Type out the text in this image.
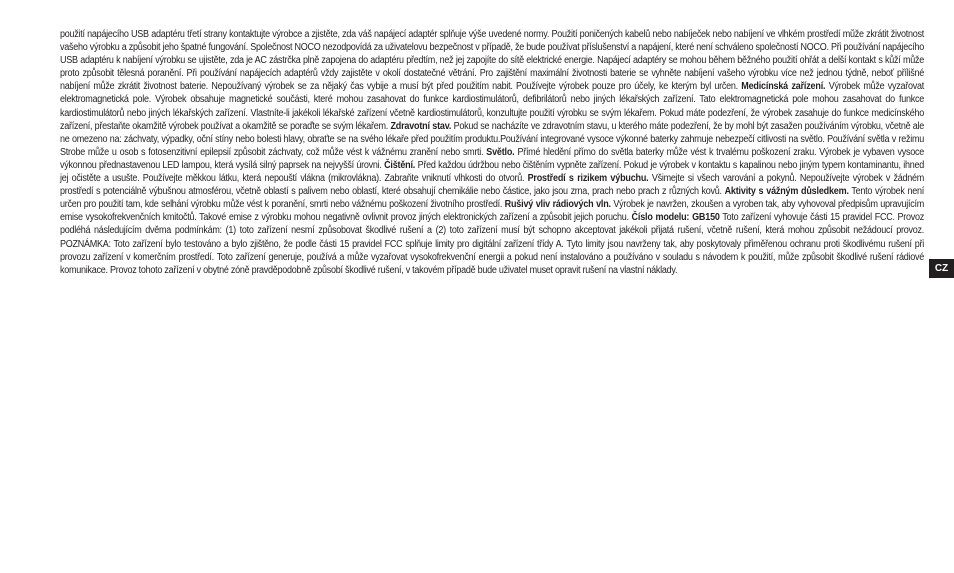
použití napájecího USB adaptéru třetí strany kontaktujte výrobce a zjistěte, zda váš napájecí adaptér splňuje výše uvedené normy. Použití poničených kabelů nebo nabíječek nebo nabíjení ve vlhkém prostředí může zkrátit životnost vašeho výrobku a způsobit jeho špatné fungování. Společnost NOCO nezodpovídá za uživatelovu bezpečnost v případě, že bude používat příslušenství a napájení, které není schváleno společností NOCO. Při používání napájecího USB adaptéru k nabíjení výrobku se ujistěte, zda je AC zástrčka plně zapojena do adaptéru předtím, než jej zapojíte do sítě elektrické energie. Napájecí adaptéry se mohou během běžného použití ohřát a delší kontakt s kůží může proto způsobit tělesná poranění. Při používání napájecích adaptérů vždy zajistěte v okolí dostatečné větrání. Pro zajištění maximální životnosti baterie se vyhněte nabíjení vašeho výrobku více než jednou týdně, neboť přílišné nabíjení může zkrátit životnost baterie. Nepoužívaný výrobek se za nějaký čas vybije a musí být před použitím nabit. Používejte výrobek pouze pro účely, ke kterým byl určen. Medicínská zařízení. Výrobek může vyzařovat elektromagnetická pole. Výrobek obsahuje magnetické součásti, které mohou zasahovat do funkce kardiostimulátorů, defibrilátorů nebo jiných lékařských zařízení. Tato elektromagnetická pole mohou zasahovat do funkce kardiostimulátorů nebo jiných lékařských zařízení. Vlastníte-li jakékoli lékařské zařízení včetně kardiostimulátorů, konzultujte použití výrobku se svým lékařem. Pokud máte podezření, že výrobek zasahuje do funkce medicínského zařízení, přestaňte okamžitě výrobek používat a okamžitě se poraďte se svým lékařem. Zdravotní stav. Pokud se nacházíte ve zdravotním stavu, u kterého máte podezření, že by mohl být zasažen používáním výrobku, včetně ale ne omezeno na: záchvaty, výpadky, oční stíny nebo bolesti hlavy, obraťte se na svého lékaře před použitím produktu.Používání integrované vysoce výkonné baterky zahrnuje nebezpečí citlivosti na světlo. Používání světla v režimu Strobe může u osob s fotosenzitivní epilepsií způsobit záchvaty, což může vést k vážnému zranění nebo smrti. Světlo. Přímé hledění přímo do světla baterky může vést k trvalému poškození zraku. Výrobek je vybaven vysoce výkonnou přednastavenou LED lampou, která vysílá silný paprsek na nejvyšší úrovni. Čištění. Před každou údržbou nebo čištěním vypněte zařízení. Pokud je výrobek v kontaktu s kapalinou nebo jiným typem kontaminantu, ihned jej očistěte a usušte. Používejte měkkou látku, která nepouští vlákna (mikrovlákna). Zabraňte vniknutí vlhkosti do otvorů. Prostředí s rizikem výbuchu. Všimejte si všech varování a pokynů. Nepoužívejte výrobek v žádném prostředí s potenciálně výbušnou atmosférou, včetně oblastí s palivem nebo oblastí, které obsahují chemikálie nebo částice, jako jsou zrna, prach nebo prach z různých kovů. Aktivity s vážným důsledkem. Tento výrobek není určen pro použití tam, kde selhání výrobku může vést k poranění, smrti nebo vážnému poškození životního prostředí. Rušivý vliv rádiových vln. Výrobek je navržen, zkoušen a vyroben tak, aby vyhovoval předpisům upravujícím emise vysokofrekvenčních kmitočtů. Takové emise z výrobku mohou negativně ovlivnit provoz jiných elektronických zařízení a způsobit jejich poruchu. Číslo modelu: GB150 Toto zařízení vyhovuje části 15 pravidel FCC. Provoz podléhá následujícím dvěma podmínkám: (1) toto zařízení nesmí způsobovat škodlivé rušení a (2) toto zařízení musí být schopno akceptovat jakékoli přijatá rušení, včetně rušení, která mohou způsobit nežádoucí provoz. POZNÁMKA: Toto zařízení bylo testováno a bylo zjištěno, že podle části 15 pravidel FCC splňuje limity pro digitální zařízení třídy A. Tyto limity jsou navrženy tak, aby poskytovaly přiměřenou ochranu proti škodlivému rušení při provozu zařízení v komerčním prostředí. Toto zařízení generuje, používá a může vyzařovat vysokofrekvenční energii a pokud není instalováno a používáno v souladu s návodem k použití, může způsobit škodlivé rušení rádiové komunikace. Provoz tohoto zařízení v obytné zóně pravděpodobně způsobí škodlivé rušení, v takovém případě bude uživatel muset opravit rušení na vlastní náklady.	CZ
